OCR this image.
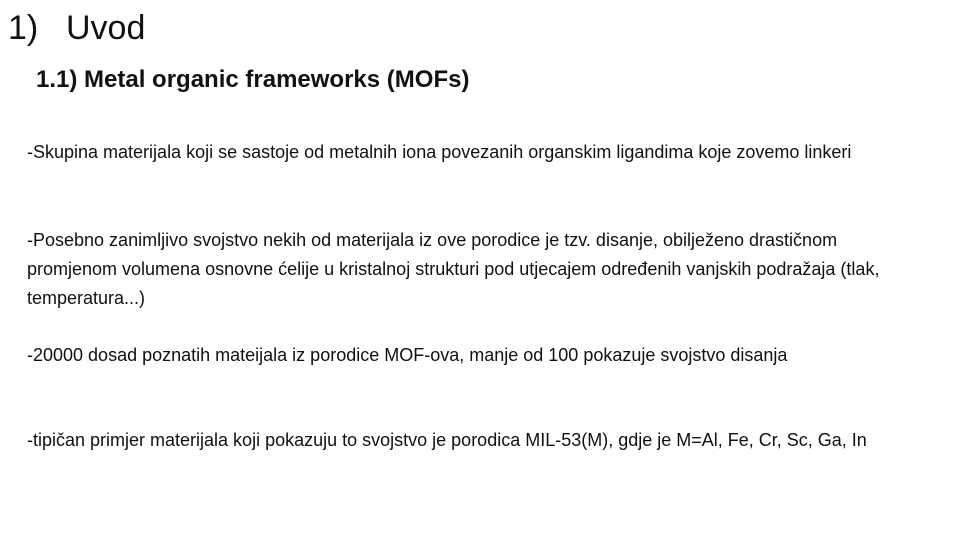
1) Uvod
1.1) Metal organic frameworks (MOFs)

-Skupina materijala koji se sastoje od metalnih iona povezanih organskim ligandima koje zovemo linkeri

-Posebno zanimljivo svojstvo nekih od materijala iz ove porodice je tzv. disanje, obilježeno drastičnom promjenom volumena osnovne ćelije u kristalnoj strukturi pod utjecajem određenih vanjskih podražaja (tlak, temperatura...)

-20000 dosad poznatih mateijala iz porodice MOF-ova, manje od 100 pokazuje svojstvo disanja

-tipičan primjer materijala koji pokazuju to svojstvo je porodica MIL-53(M), gdje je M=Al, Fe, Cr, Sc, Ga, In
